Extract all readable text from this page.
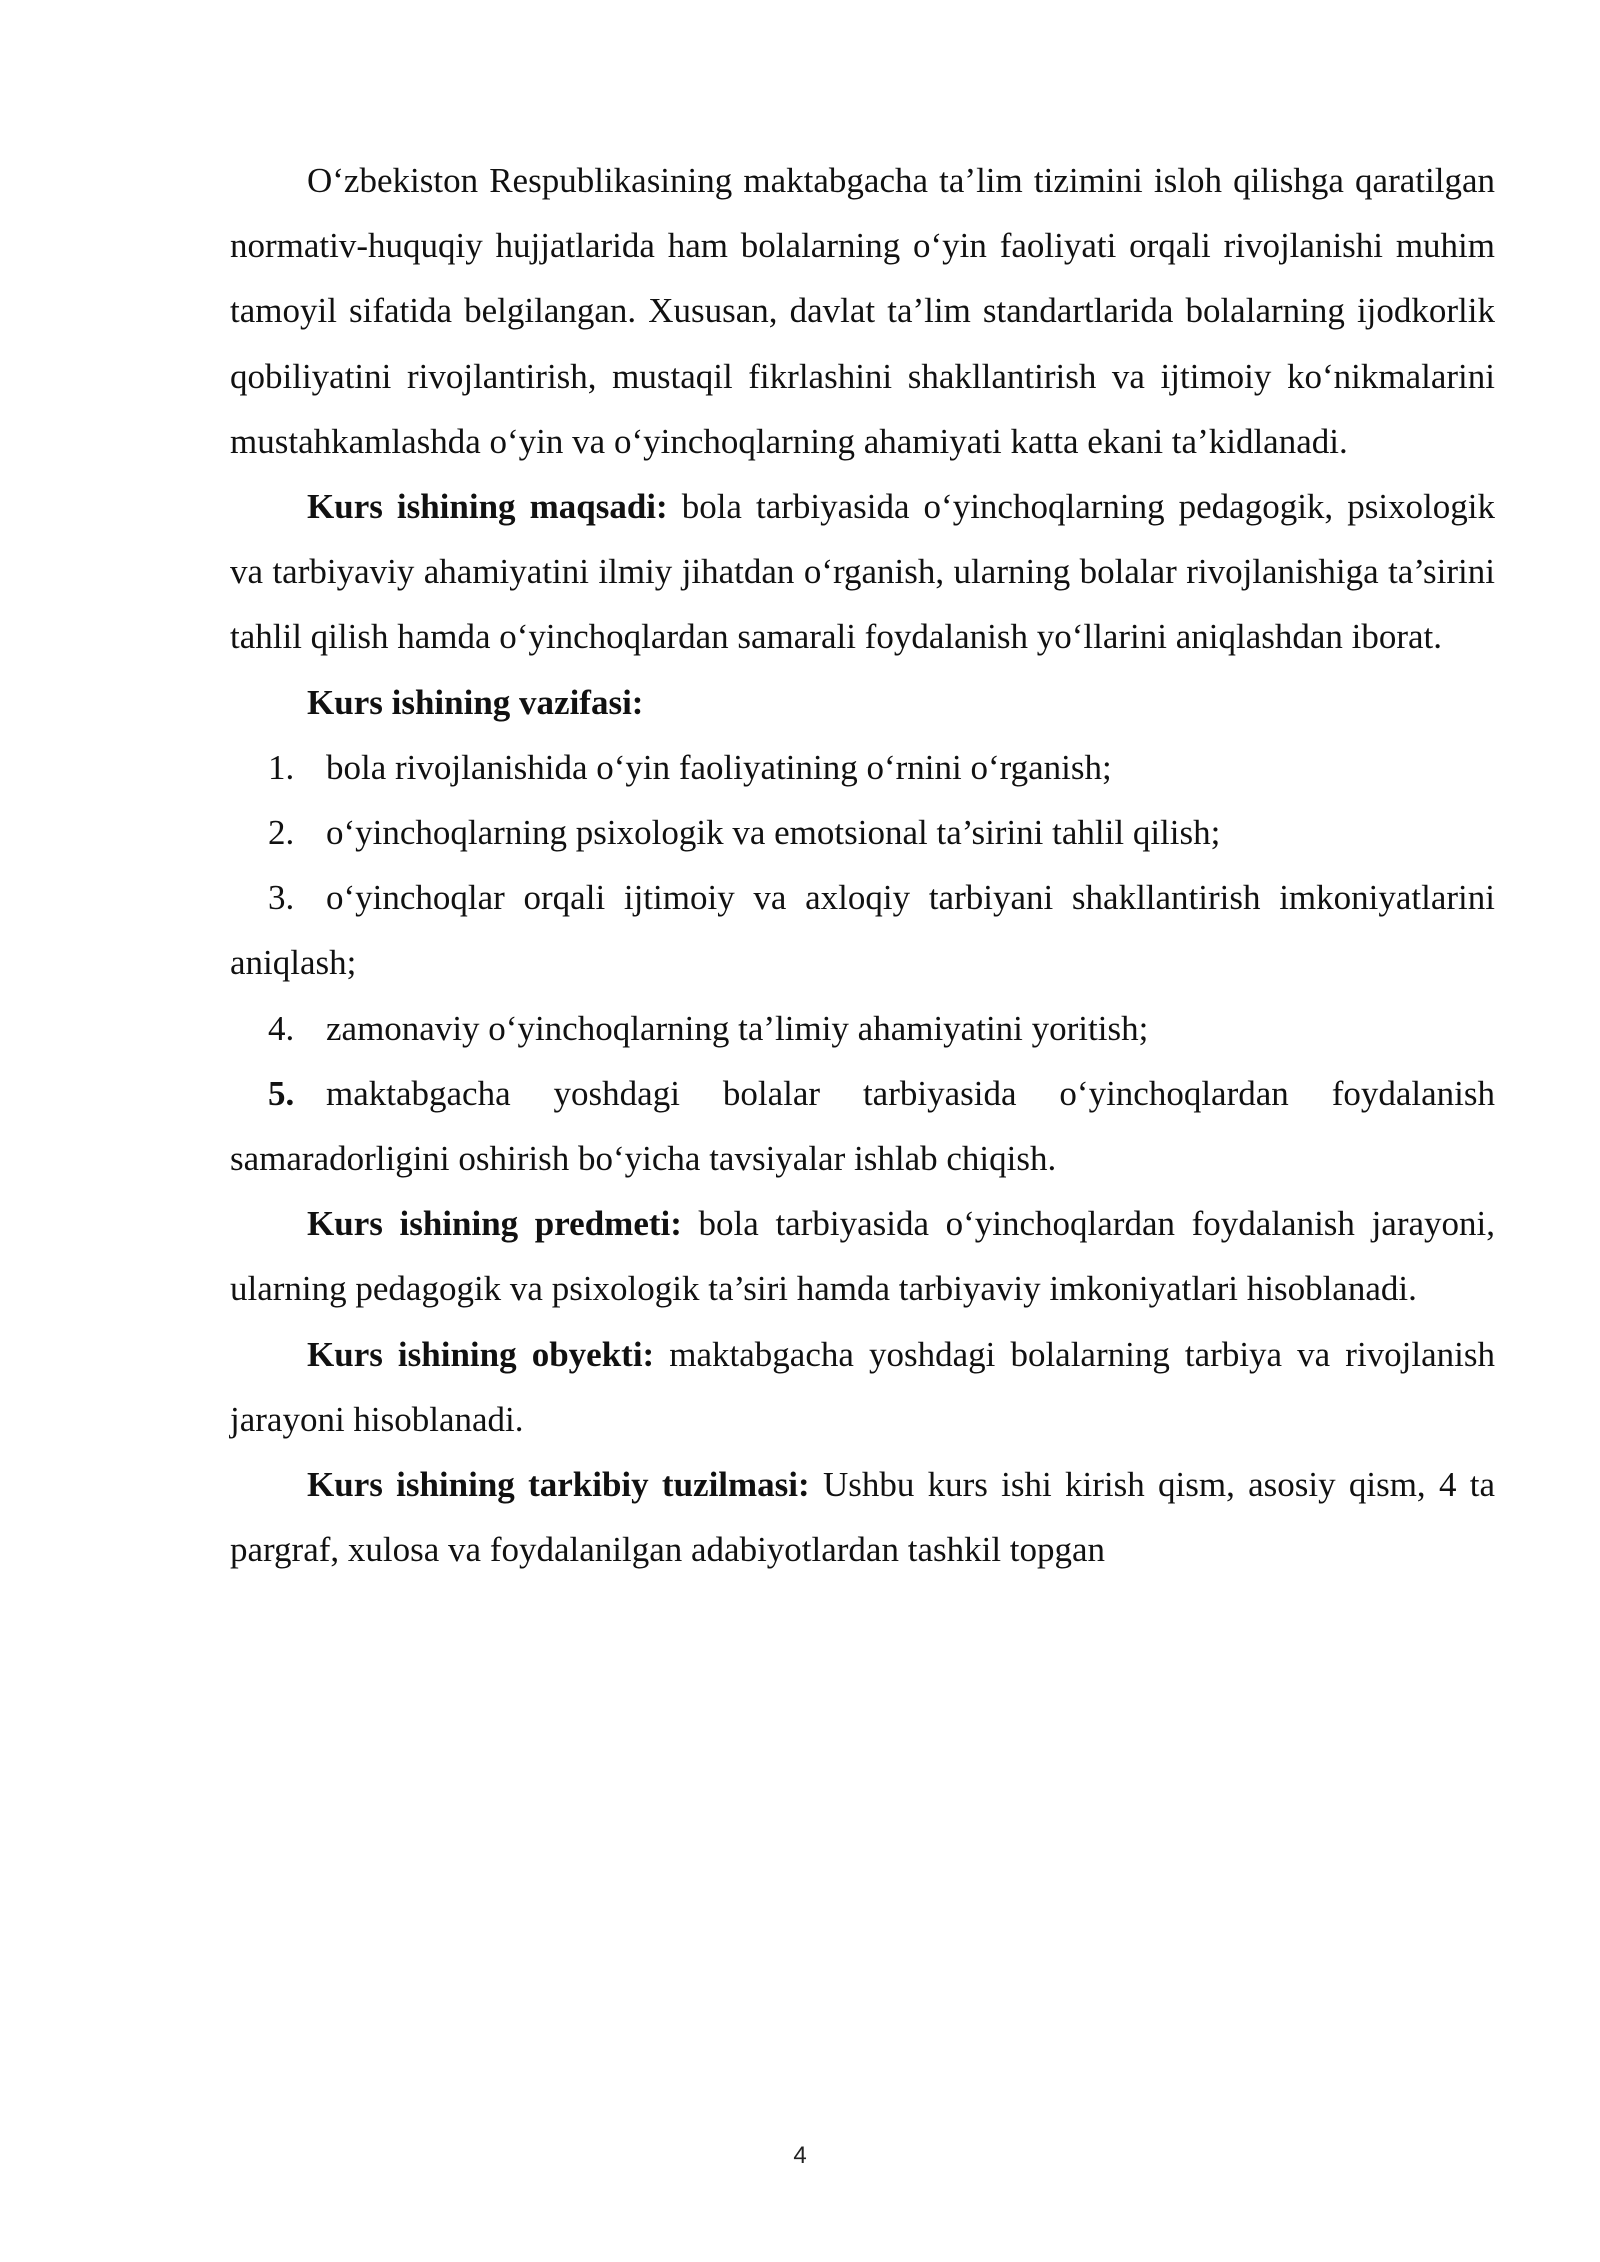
O‘zbekiston Respublikasining maktabgacha ta’lim tizimini isloh qilishga qaratilgan normativ-huquqiy hujjatlarida ham bolalarning o‘yin faoliyati orqali rivojlanishi muhim tamoyil sifatida belgilangan. Xususan, davlat ta’lim standartlarida bolalarning ijodkorlik qobiliyatini rivojlantirish, mustaqil fikrlashini shakllantirish va ijtimoiy ko‘nikmalarini mustahkamlashda o‘yin va o‘yinchoqlarning ahamiyati katta ekani ta’kidlanadi.

Kurs ishining maqsadi: bola tarbiyasida o‘yinchoqlarning pedagogik, psixologik va tarbiyaviy ahamiyatini ilmiy jihatdan o‘rganish, ularning bolalar rivojlanishiga ta’sirini tahlil qilish hamda o‘yinchoqlardan samarali foydalanish yo‘llarini aniqlashdan iborat.

Kurs ishining vazifasi:

1. bola rivojlanishida o‘yin faoliyatining o‘rnini o‘rganish;

2. o‘yinchoqlarning psixologik va emotsional ta’sirini tahlil qilish;

3. o‘yinchoqlar orqali ijtimoiy va axloqiy tarbiyani shakllantirish imkoniyatlarini aniqlash;

4. zamonaviy o‘yinchoqlarning ta’limiy ahamiyatini yoritish;

5. maktabgacha yoshdagi bolalar tarbiyasida o‘yinchoqlardan foydalanish samaradorligini oshirish bo‘yicha tavsiyalar ishlab chiqish.

Kurs ishining predmeti: bola tarbiyasida o‘yinchoqlardan foydalanish jarayoni, ularning pedagogik va psixologik ta’siri hamda tarbiyaviy imkoniyatlari hisoblanadi.

Kurs ishining obyekti: maktabgacha yoshdagi bolalarning tarbiya va rivojlanish jarayoni hisoblanadi.

Kurs ishining tarkibiy tuzilmasi: Ushbu kurs ishi kirish qism, asosiy qism, 4 ta pargraf, xulosa va foydalanilgan adabiyotlardan tashkil topgan

4
